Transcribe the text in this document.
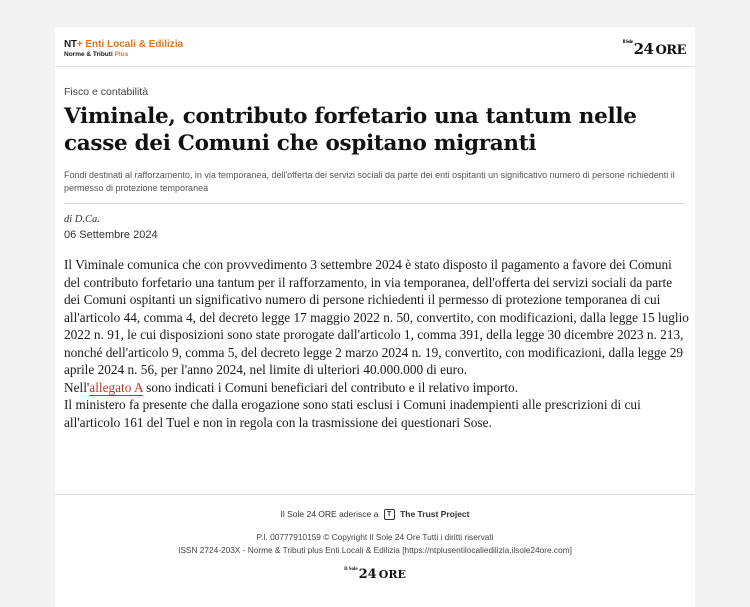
NT+ Enti Locali & Edilizia
Norme & Tributi Plus
$^{Il Sole}$24 ORE
Fisco e contabilità
Viminale, contributo forfetario una tantum nelle casse dei Comuni che ospitano migranti
Fondi destinati al rafforzamento, in via temporanea, dell'offerta dei servizi sociali da parte dei enti ospitanti un significativo numero di persone richiedenti il permesso di protezione temporanea
di D.Ca.
06 Settembre 2024

Il Viminale comunica che con provvedimento 3 settembre 2024 è stato disposto il pagamento a favore dei Comuni del contributo forfetario una tantum per il rafforzamento, in via temporanea, dell'offerta dei servizi sociali da parte dei Comuni ospitanti un significativo numero di persone richiedenti il permesso di protezione temporanea di cui all'articolo 44, comma 4, del decreto legge 17 maggio 2022 n. 50, convertito, con modificazioni, dalla legge 15 luglio 2022 n. 91, le cui disposizioni sono state prorogate dall'articolo 1, comma 391, della legge 30 dicembre 2023 n. 213, nonché dell'articolo 9, comma 5, del decreto legge 2 marzo 2024 n. 19, convertito, con modificazioni, dalla legge 29 aprile 2024 n. 56, per l'anno 2024, nel limite di ulteriori 40.000.000 di euro.

Nell'allegato A sono indicati i Comuni beneficiari del contributo e il relativo importo.

Il ministero fa presente che dalla erogazione sono stati esclusi i Comuni inadempienti alle prescrizioni di cui all'articolo 161 del Tuel e non in regola con la trasmissione dei questionari Sose.

Il Sole 24 ORE aderisce a T The Trust Project
P.I. 00777910159 © Copyright Il Sole 24 Ore Tutti i diritti riservati
ISSN 2724-203X - Norme & Tributi plus Enti Locali & Edilizia [https://ntplusentilocaliedilizia.ilsole24ore.com]
$^{Il Sole}$24 ORE
